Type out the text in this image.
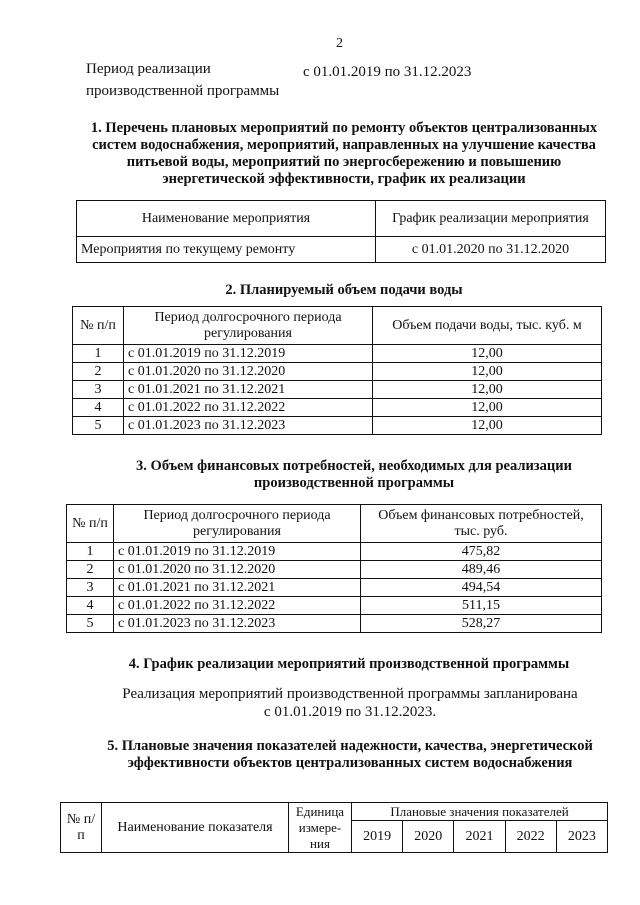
2
Период реализации производственной программы
с 01.01.2019 по 31.12.2023
1. Перечень плановых мероприятий по ремонту объектов централизованных систем водоснабжения, мероприятий, направленных на улучшение качества питьевой воды, мероприятий по энергосбережению и повышению энергетической эффективности, график их реализации
Наименование мероприятия	График реализации мероприятия
Мероприятия по текущему ремонту	с 01.01.2020 по 31.12.2020
2. Планируемый объем подачи воды
№ п/п	Период долгосрочного периода регулирования	Объем подачи воды, тыс. куб. м
1	с 01.01.2019 по 31.12.2019	12,00
2	с 01.01.2020 по 31.12.2020	12,00
3	с 01.01.2021 по 31.12.2021	12,00
4	с 01.01.2022 по 31.12.2022	12,00
5	с 01.01.2023 по 31.12.2023	12,00
3. Объем финансовых потребностей, необходимых для реализации производственной программы
№ п/п	Период долгосрочного периода регулирования	Объем финансовых потребностей, тыс. руб.
1	с 01.01.2019 по 31.12.2019	475,82
2	с 01.01.2020 по 31.12.2020	489,46
3	с 01.01.2021 по 31.12.2021	494,54
4	с 01.01.2022 по 31.12.2022	511,15
5	с 01.01.2023 по 31.12.2023	528,27
4. График реализации мероприятий производственной программы
Реализация мероприятий производственной программы запланирована
с 01.01.2019 по 31.12.2023.
5. Плановые значения показателей надежности, качества, энергетической эффективности объектов централизованных систем водоснабжения
№ п/п	Наименование показателя	Единица измере-ния	Плановые значения показателей				
			2019	2020	2021	2022	2023
